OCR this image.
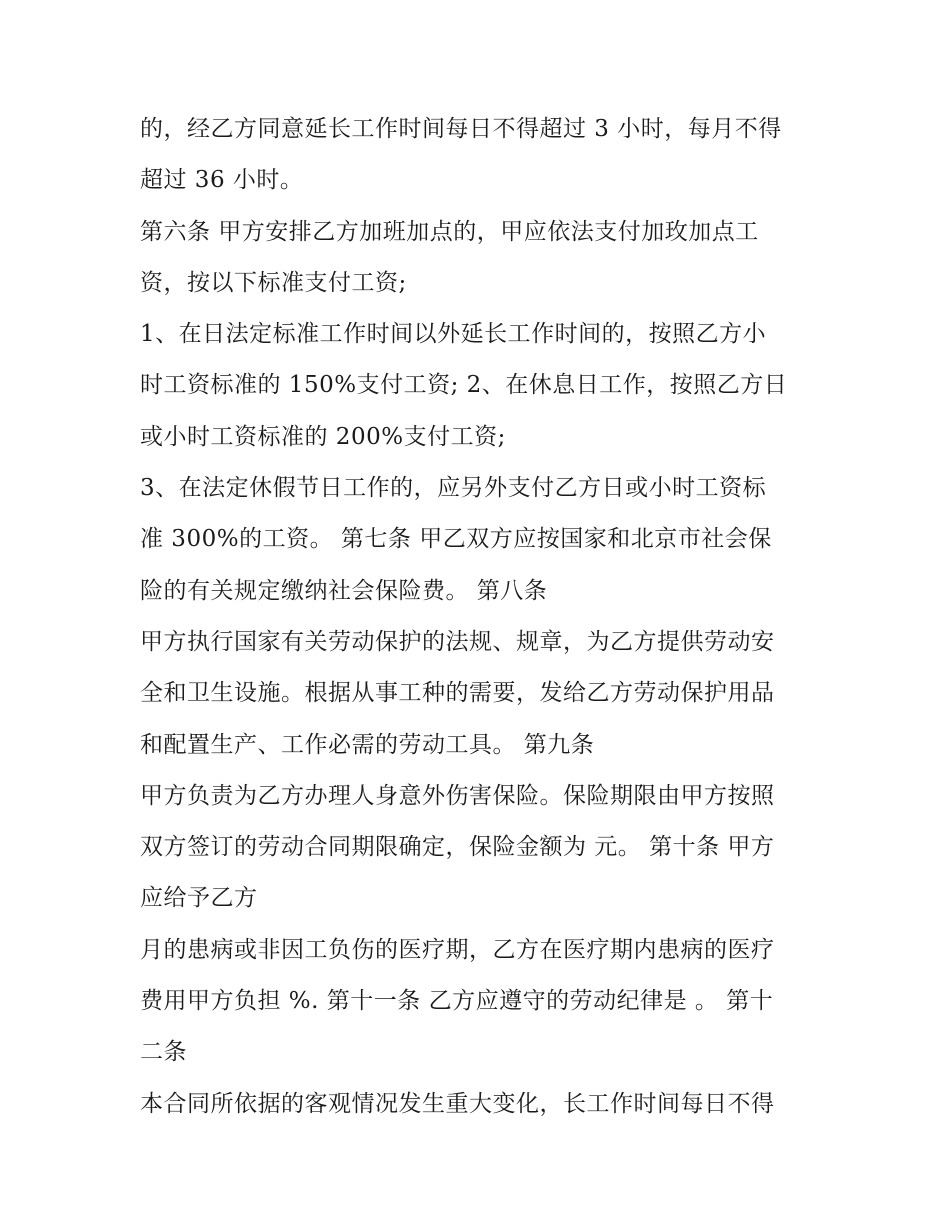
的，经乙方同意延长工作时间每日不得超过 3 小时，每月不得
超过 36 小时。
第六条 甲方安排乙方加班加点的，甲应依法支付加玫加点工
资，按以下标准支付工资;
1、在日法定标准工作时间以外延长工作时间的，按照乙方小
时工资标准的 150%支付工资; 2、在休息日工作，按照乙方日
或小时工资标准的 200%支付工资;
3、在法定休假节日工作的，应另外支付乙方日或小时工资标
准 300%的工资。 第七条 甲乙双方应按国家和北京市社会保
险的有关规定缴纳社会保险费。 第八条
甲方执行国家有关劳动保护的法规、规章，为乙方提供劳动安
全和卫生设施。根据从事工种的需要，发给乙方劳动保护用品
和配置生产、工作必需的劳动工具。 第九条
甲方负责为乙方办理人身意外伤害保险。保险期限由甲方按照
双方签订的劳动合同期限确定，保险金额为 元。 第十条 甲方
应给予乙方
月的患病或非因工负伤的医疗期，乙方在医疗期内患病的医疗
费用甲方负担 %. 第十一条 乙方应遵守的劳动纪律是 。 第十
二条
本合同所依据的客观情况发生重大变化，长工作时间每日不得
